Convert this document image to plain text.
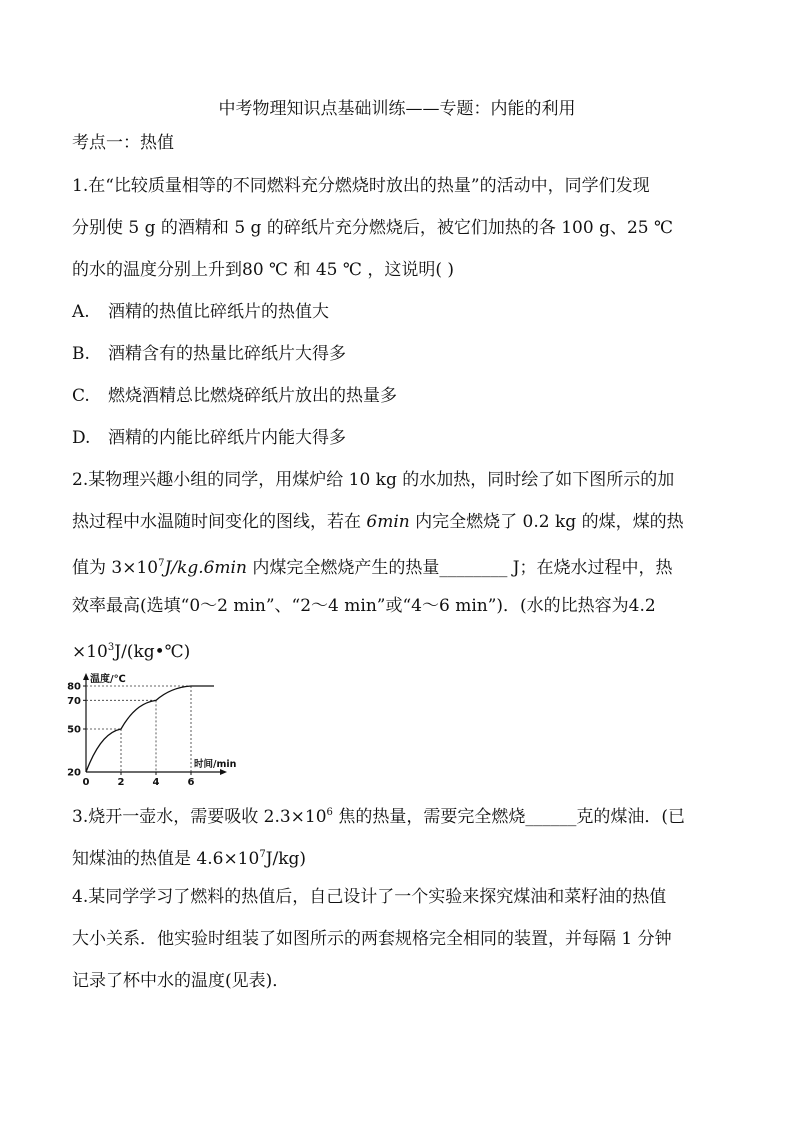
中考物理知识点基础训练——专题：内能的利用
考点一：热值
1.在“比较质量相等的不同燃料充分燃烧时放出的热量”的活动中，同学们发现
分别使 5 g 的酒精和 5 g 的碎纸片充分燃烧后，被它们加热的各 100 g、25 ℃
的水的温度分别上升到80 ℃ 和 45 ℃ ，这说明( )
A. 酒精的热值比碎纸片的热值大
B. 酒精含有的热量比碎纸片大得多
C. 燃烧酒精总比燃烧碎纸片放出的热量多
D. 酒精的内能比碎纸片内能大得多
2.某物理兴趣小组的同学，用煤炉给 10 kg 的水加热，同时绘了如下图所示的加
热过程中水温随时间变化的图线，若在 6min 内完全燃烧了 0.2 kg 的煤，煤的热
值为 $3\times 10^7J/kg.6\min$ 内煤完全燃烧产生的热量________ J；在烧水过程中，热
效率最高(选填“0～2 min”、“2～4 min”或“4～6 min”)．(水的比热容为4.2
$\times 10^3J/(kg•℃)$
20
50
70
80
0	2	4	6
温度/℃
时间/min
3.烧开一壶水，需要吸收 $2.3\times 10^6$ 焦的热量，需要完全燃烧______克的煤油．(已
知煤油的热值是 $4.6\times 10^7J/kg$)
4.某同学学习了燃料的热值后，自己设计了一个实验来探究煤油和菜籽油的热值
大小关系．他实验时组装了如图所示的两套规格完全相同的装置，并每隔 1 分钟
记录了杯中水的温度(见表)．
